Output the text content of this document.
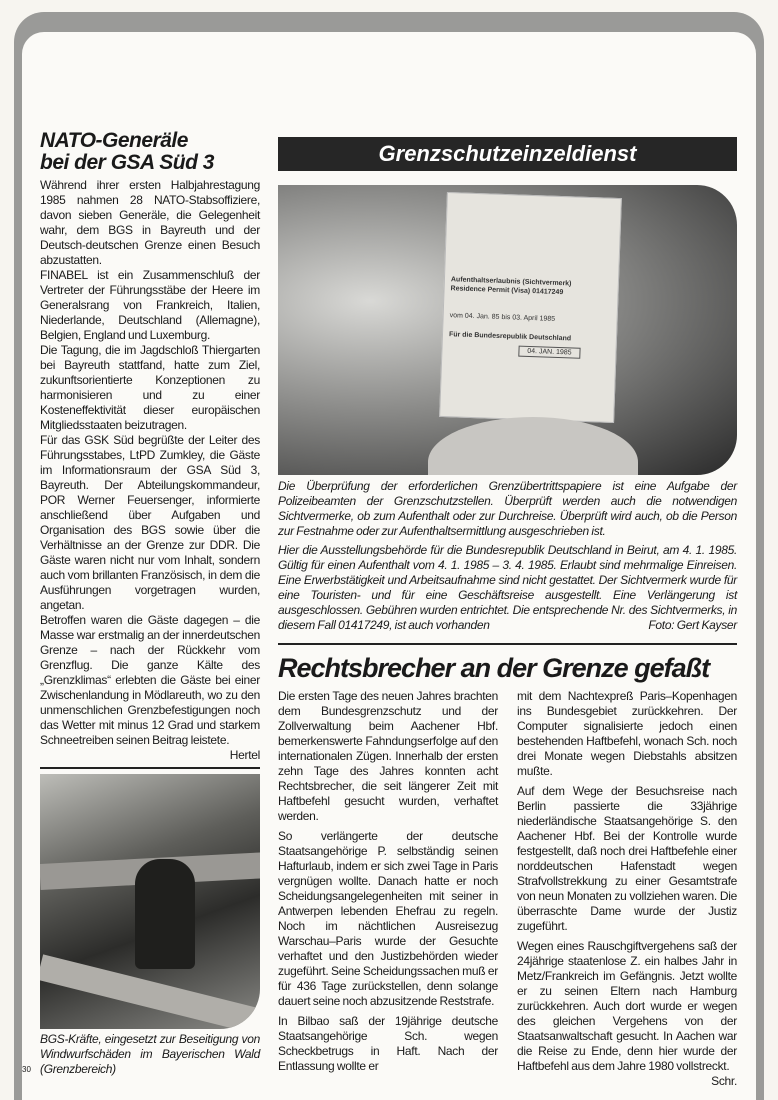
NATO-Generäle
bei der GSA Süd 3

Während ihrer ersten Halbjahrestagung 1985 nahmen 28 NATO-Stabsoffiziere, davon sieben Generäle, die Gelegenheit wahr, dem BGS in Bayreuth und der Deutsch-deutschen Grenze einen Besuch abzustatten.

FINABEL ist ein Zusammenschluß der Vertreter der Führungsstäbe der Heere im Generalsrang von Frankreich, Italien, Niederlande, Deutschland (Allemagne), Belgien, England und Luxemburg.

Die Tagung, die im Jagdschloß Thiergarten bei Bayreuth stattfand, hatte zum Ziel, zukunftsorientierte Konzeptionen zu harmonisieren und zu einer Kosteneffektivität dieser europäischen Mitgliedsstaaten beizutragen.

Für das GSK Süd begrüßte der Leiter des Führungsstabes, LtPD Zumkley, die Gäste im Informationsraum der GSA Süd 3, Bayreuth. Der Abteilungskommandeur, POR Werner Feuersenger, informierte anschließend über Aufgaben und Organisation des BGS sowie über die Verhältnisse an der Grenze zur DDR. Die Gäste waren nicht nur vom Inhalt, sondern auch vom brillanten Französisch, in dem die Ausführungen vorgetragen wurden, angetan.

Betroffen waren die Gäste dagegen – die Masse war erstmalig an der innerdeutschen Grenze – nach der Rückkehr vom Grenzflug. Die ganze Kälte des „Grenzklimas“ erlebten die Gäste bei einer Zwischenlandung in Mödlareuth, wo zu den unmenschlichen Grenzbefestigungen noch das Wetter mit minus 12 Grad und starkem Schneetreiben seinen Beitrag leistete.
Hertel

30
BGS-Kräfte, eingesetzt zur Beseitigung von Windwurfschäden im Bayerischen Wald (Grenzbereich)
Grenzschutzeinzeldienst
Aufenthaltserlaubnis (Sichtvermerk)
Residence Permit (Visa) 01417249
vom 04. Jan. 85 bis 03. April 1985
Für die Bundesrepublik Deutschland
04. JAN. 1985

Die Überprüfung der erforderlichen Grenzübertrittspapiere ist eine Aufgabe der Polizeibeamten der Grenzschutzstellen. Überprüft werden auch die notwendigen Sichtvermerke, ob zum Aufenthalt oder zur Durchreise. Überprüft wird auch, ob die Person zur Festnahme oder zur Aufenthaltsermittlung ausgeschrieben ist.

Hier die Ausstellungsbehörde für die Bundesrepublik Deutschland in Beirut, am 4. 1. 1985. Gültig für einen Aufenthalt vom 4. 1. 1985 – 3. 4. 1985. Erlaubt sind mehrmalige Einreisen. Eine Erwerbstätigkeit und Arbeitsaufnahme sind nicht gestattet. Der Sichtvermerk wurde für eine Touristen- und für eine Geschäftsreise ausgestellt. Eine Verlängerung ist ausgeschlossen. Gebühren wurden entrichtet. Die entsprechende Nr. des Sichtvermerks, in diesem Fall 01417249, ist auch vorhanden	Foto: Gert Kayser

Rechtsbrecher an der Grenze gefaßt

Die ersten Tage des neuen Jahres brachten dem Bundesgrenzschutz und der Zollverwaltung beim Aachener Hbf. bemerkenswerte Fahndungserfolge auf den internationalen Zügen. Innerhalb der ersten zehn Tage des Jahres konnten acht Rechtsbrecher, die seit längerer Zeit mit Haftbefehl gesucht wurden, verhaftet werden.

So verlängerte der deutsche Staatsangehörige P. selbständig seinen Hafturlaub, indem er sich zwei Tage in Paris vergnügen wollte. Danach hatte er noch Scheidungsangelegenheiten mit seiner in Antwerpen lebenden Ehefrau zu regeln. Noch im nächtlichen Ausreisezug Warschau–Paris wurde der Gesuchte verhaftet und den Justizbehörden wieder zugeführt. Seine Scheidungssachen muß er für 436 Tage zurückstellen, denn solange dauert seine noch abzusitzende Reststrafe.

In Bilbao saß der 19jährige deutsche Staatsangehörige Sch. wegen Scheckbetrugs in Haft. Nach der Entlassung wollte er

mit dem Nachtexpreß Paris–Kopenhagen ins Bundesgebiet zurückkehren. Der Computer signalisierte jedoch einen bestehenden Haftbefehl, wonach Sch. noch drei Monate wegen Diebstahls absitzen mußte.

Auf dem Wege der Besuchsreise nach Berlin passierte die 33jährige niederländische Staatsangehörige S. den Aachener Hbf. Bei der Kontrolle wurde festgestellt, daß noch drei Haftbefehle einer norddeutschen Hafenstadt wegen Strafvollstrekkung zu einer Gesamtstrafe von neun Monaten zu vollziehen waren. Die überraschte Dame wurde der Justiz zugeführt.

Wegen eines Rauschgiftvergehens saß der 24jährige staatenlose Z. ein halbes Jahr in Metz/Frankreich im Gefängnis. Jetzt wollte er zu seinen Eltern nach Hamburg zurückkehren. Auch dort wurde er wegen des gleichen Vergehens von der Staatsanwaltschaft gesucht. In Aachen war die Reise zu Ende, denn hier wurde der Haftbefehl aus dem Jahre 1980 vollstreckt.
Schr.
